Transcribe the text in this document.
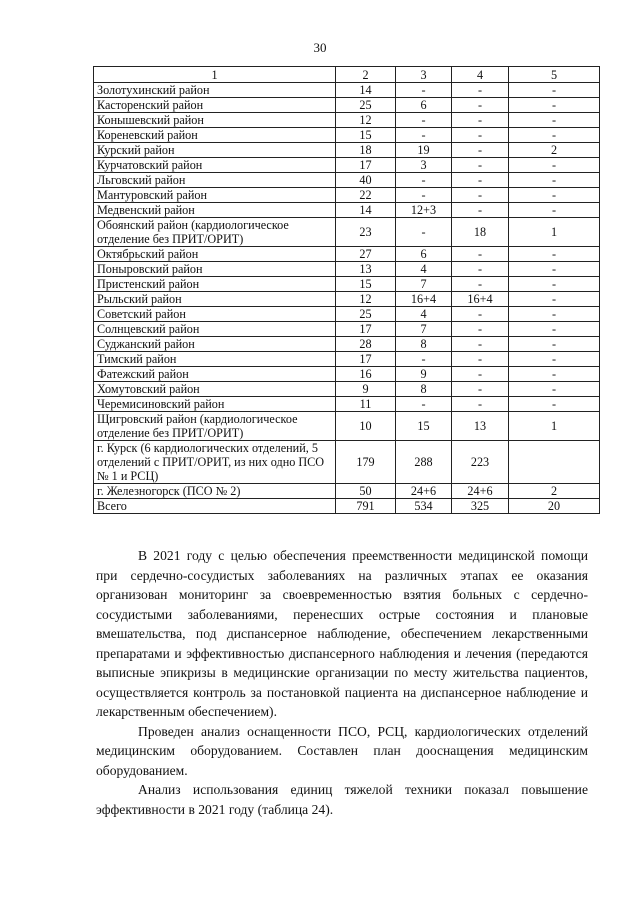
30
1	2	3	4	5
Золотухинский район	14	-	-	-
Касторенский район	25	6	-	-
Конышевский район	12	-	-	-
Кореневский район	15	-	-	-
Курский район	18	19	-	2
Курчатовский район	17	3	-	-
Льговский район	40	-	-	-
Мантуровский район	22	-	-	-
Медвенский район	14	12+3	-	-
Обоянский район (кардиологическое отделение без ПРИТ/ОРИТ)	23	-	18	1
Октябрьский район	27	6	-	-
Поныровский район	13	4	-	-
Пристенский район	15	7	-	-
Рыльский район	12	16+4	16+4	-
Советский район	25	4	-	-
Солнцевский район	17	7	-	-
Суджанский район	28	8	-	-
Тимский район	17	-	-	-
Фатежский район	16	9	-	-
Хомутовский район	9	8	-	-
Черемисиновский район	11	-	-	-
Щигровский район (кардиологическое отделение без ПРИТ/ОРИТ)	10	15	13	1
г. Курск (6 кардиологических отделений, 5 отделений с ПРИТ/ОРИТ, из них одно ПСО № 1 и РСЦ)	179	288	223	
г. Железногорск (ПСО № 2)	50	24+6	24+6	2
Всего	791	534	325	20

В 2021 году с целью обеспечения преемственности медицинской помощи при сердечно-сосудистых заболеваниях на различных этапах ее оказания организован мониторинг за своевременностью взятия больных с сердечно-сосудистыми заболеваниями, перенесших острые состояния и плановые вмешательства, под диспансерное наблюдение, обеспечением лекарственными препаратами и эффективностью диспансерного наблюдения и лечения (передаются выписные эпикризы в медицинские организации по месту жительства пациентов, осуществляется контроль за постановкой пациента на диспансерное наблюдение и лекарственным обеспечением).

Проведен анализ оснащенности ПСО, РСЦ, кардиологических отделений медицинским оборудованием. Составлен план дооснащения медицинским оборудованием.

Анализ использования единиц тяжелой техники показал повышение эффективности в 2021 году (таблица 24).
